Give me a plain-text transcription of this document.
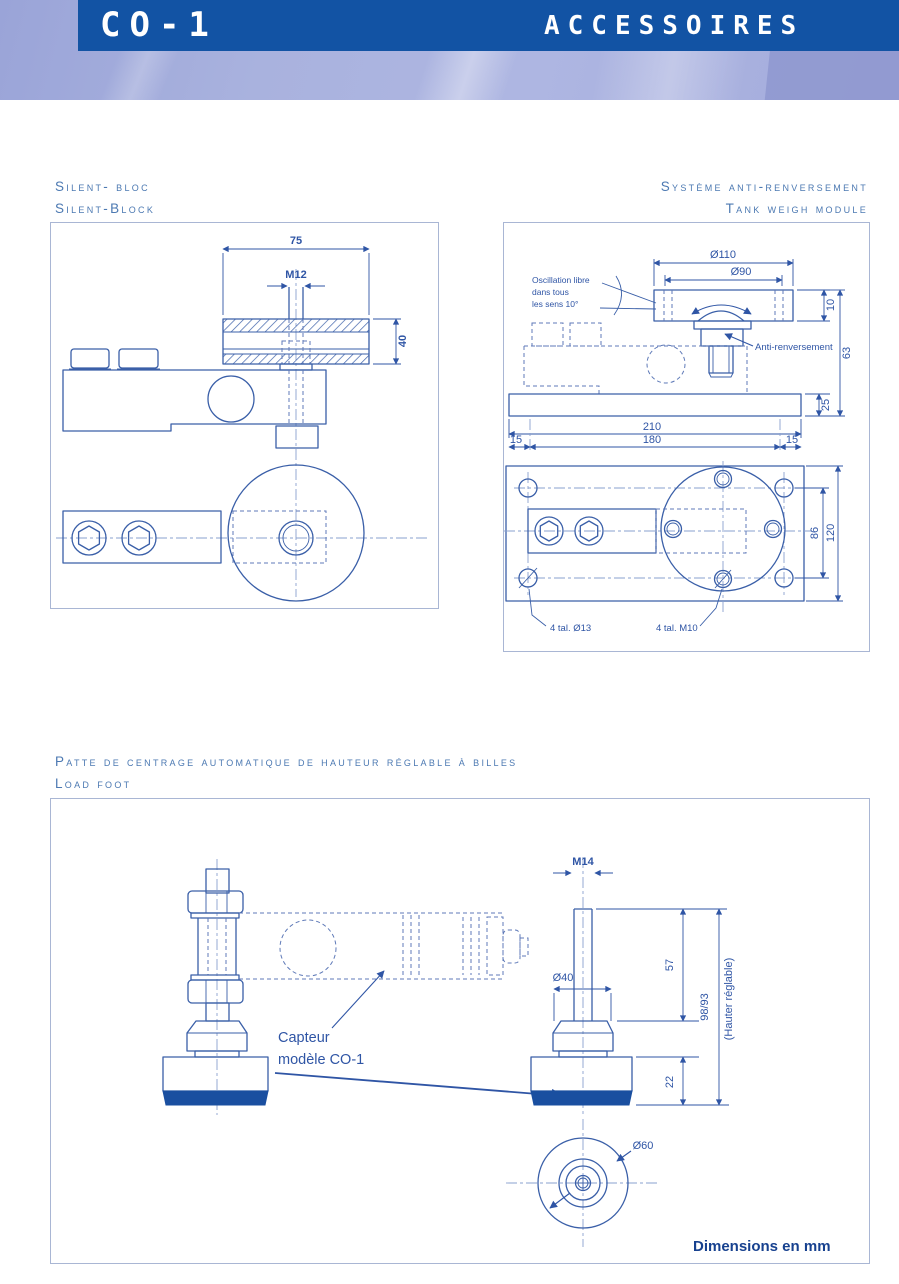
CO-1	ACCESSOIRES
Silent- bloc
Silent-Block
Système anti-renversement
Tank weigh module
Patte de centrage automatique de hauteur réglable à billes
Load foot
75
M12
40
Ø110
Ø90
Anti-renversement
Oscillation libre
dans tous
les sens 10°	10
63
25
210
15	180	15
86 120
4 tal. Ø13	4 tal. M10
Capteur
modèle CO-1
M14
Ø40
57
98/93 (Hauter réglable)
22
Ø60
Dimensions en mm
